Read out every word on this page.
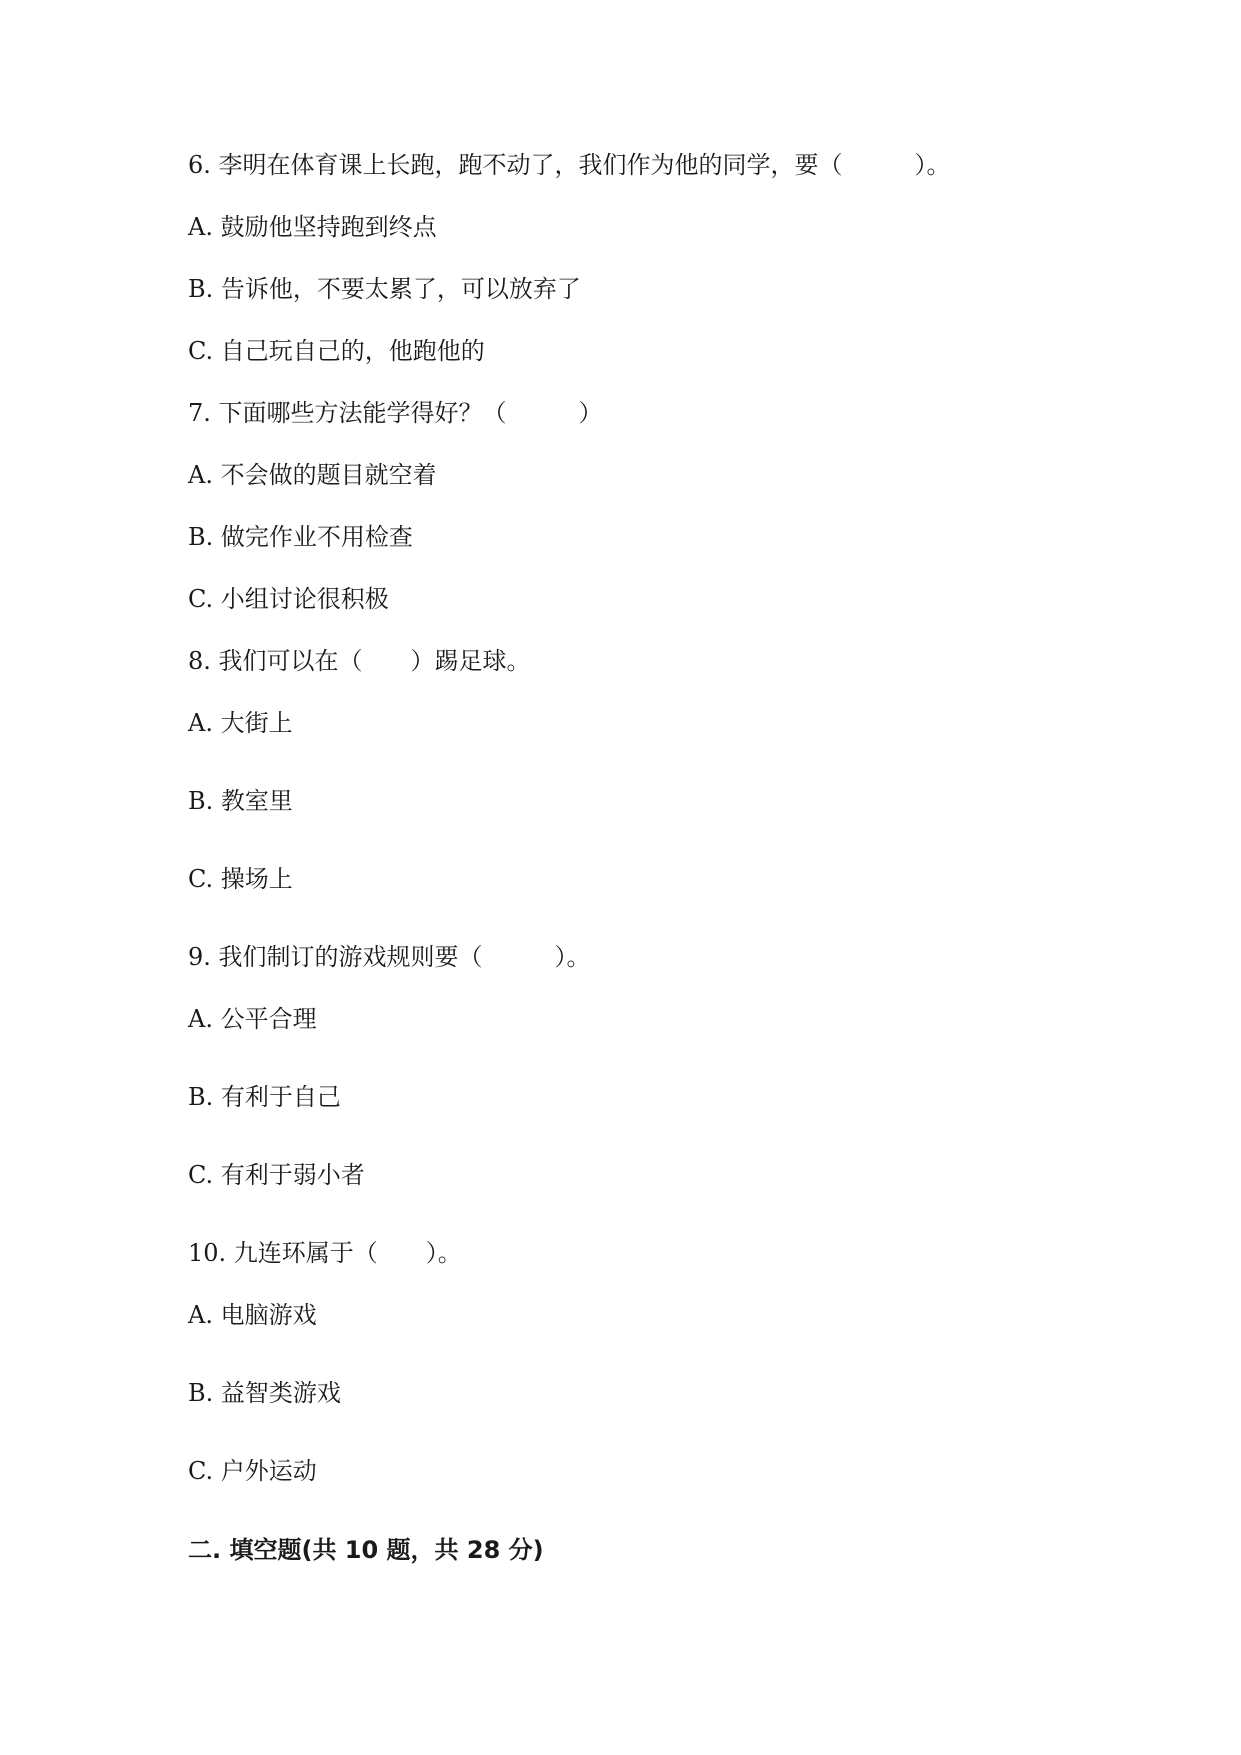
6. 李明在体育课上长跑，跑不动了，我们作为他的同学，要（　　　）。
A. 鼓励他坚持跑到终点
B. 告诉他，不要太累了，可以放弃了
C. 自己玩自己的，他跑他的
7. 下面哪些方法能学得好？（　　　）
A. 不会做的题目就空着
B. 做完作业不用检查
C. 小组讨论很积极
8. 我们可以在（　　）踢足球。
A. 大街上
B. 教室里
C. 操场上
9. 我们制订的游戏规则要（　　　）。
A. 公平合理
B. 有利于自己
C. 有利于弱小者
10. 九连环属于（　　）。
A. 电脑游戏
B. 益智类游戏
C. 户外运动
二. 填空题(共 10 题，共 28 分)
